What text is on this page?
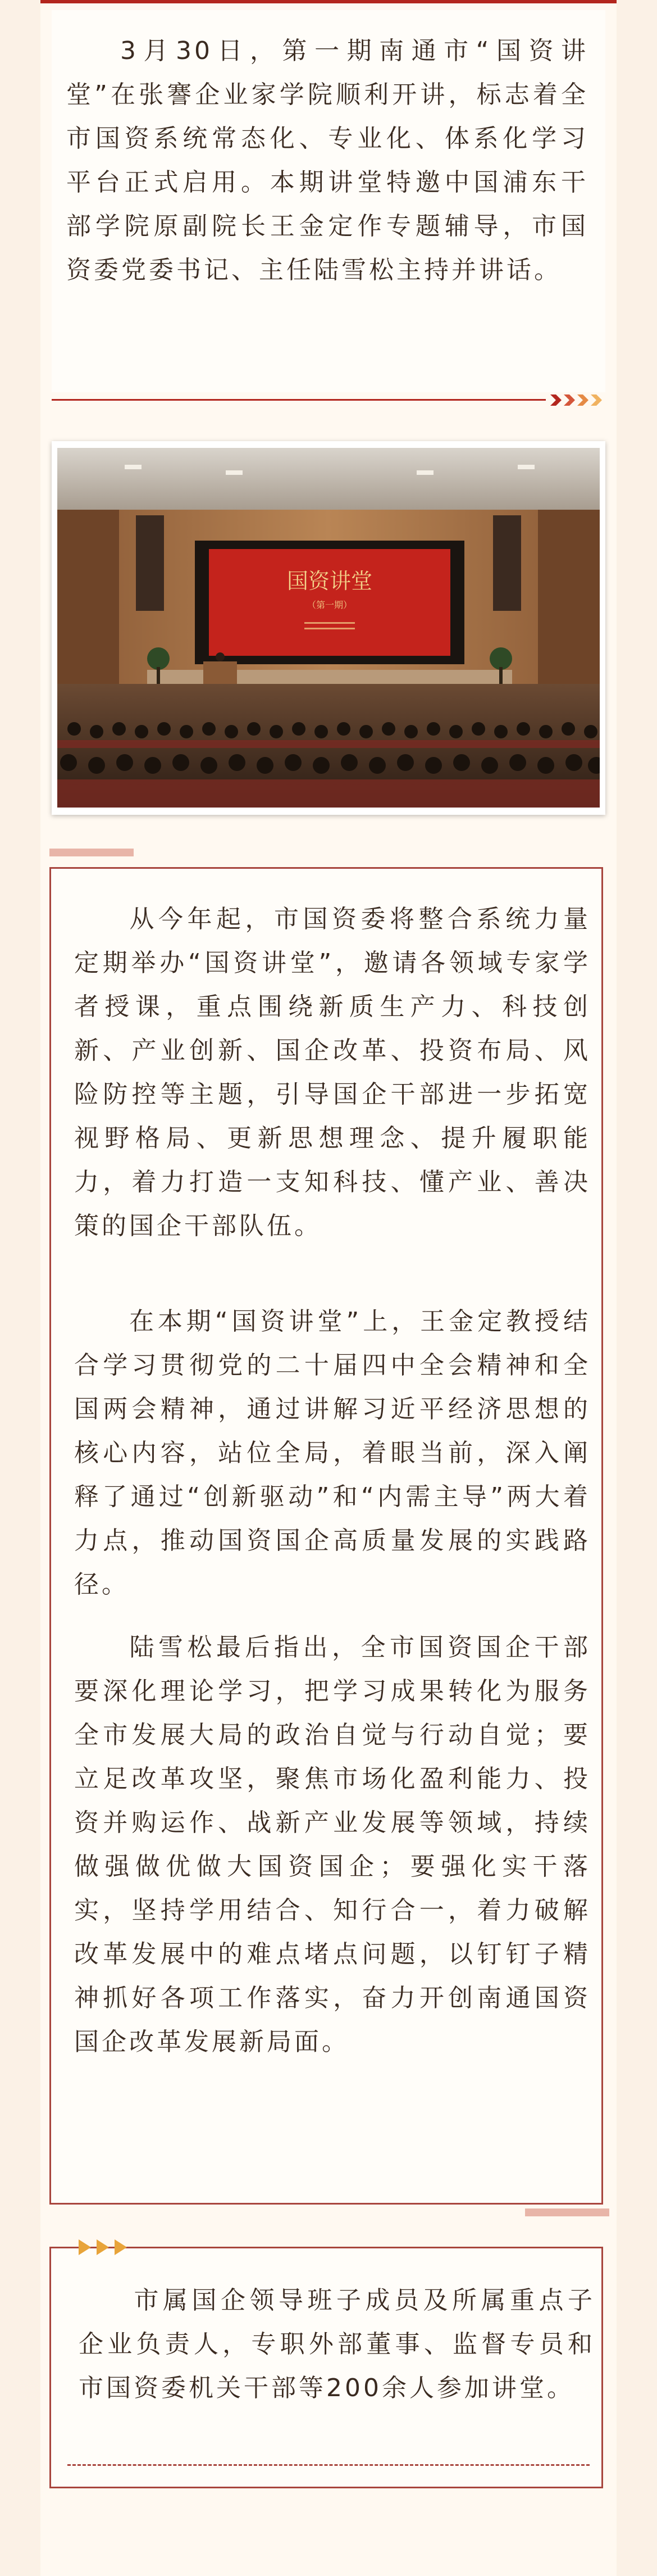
3月30日，第一期南通市“国资讲堂”在张謇企业家学院顺利开讲，标志着全市国资系统常态化、专业化、体系化学习平台正式启用。本期讲堂特邀中国浦东干部学院原副院长王金定作专题辅导，市国资委党委书记、主任陆雪松主持并讲话。
国资讲堂
（第一期）
从今年起，市国资委将整合系统力量定期举办“国资讲堂”，邀请各领域专家学者授课，重点围绕新质生产力、科技创新、产业创新、国企改革、投资布局、风险防控等主题，引导国企干部进一步拓宽视野格局、更新思想理念、提升履职能力，着力打造一支知科技、懂产业、善决策的国企干部队伍。
在本期“国资讲堂”上，王金定教授结合学习贯彻党的二十届四中全会精神和全国两会精神，通过讲解习近平经济思想的核心内容，站位全局，着眼当前，深入阐释了通过“创新驱动”和“内需主导”两大着力点，推动国资国企高质量发展的实践路径。
陆雪松最后指出，全市国资国企干部要深化理论学习，把学习成果转化为服务全市发展大局的政治自觉与行动自觉；要立足改革攻坚，聚焦市场化盈利能力、投资并购运作、战新产业发展等领域，持续做强做优做大国资国企；要强化实干落实，坚持学用结合、知行合一，着力破解改革发展中的难点堵点问题，以钉钉子精神抓好各项工作落实，奋力开创南通国资国企改革发展新局面。
市属国企领导班子成员及所属重点子企业负责人，专职外部董事、监督专员和市国资委机关干部等200余人参加讲堂。
